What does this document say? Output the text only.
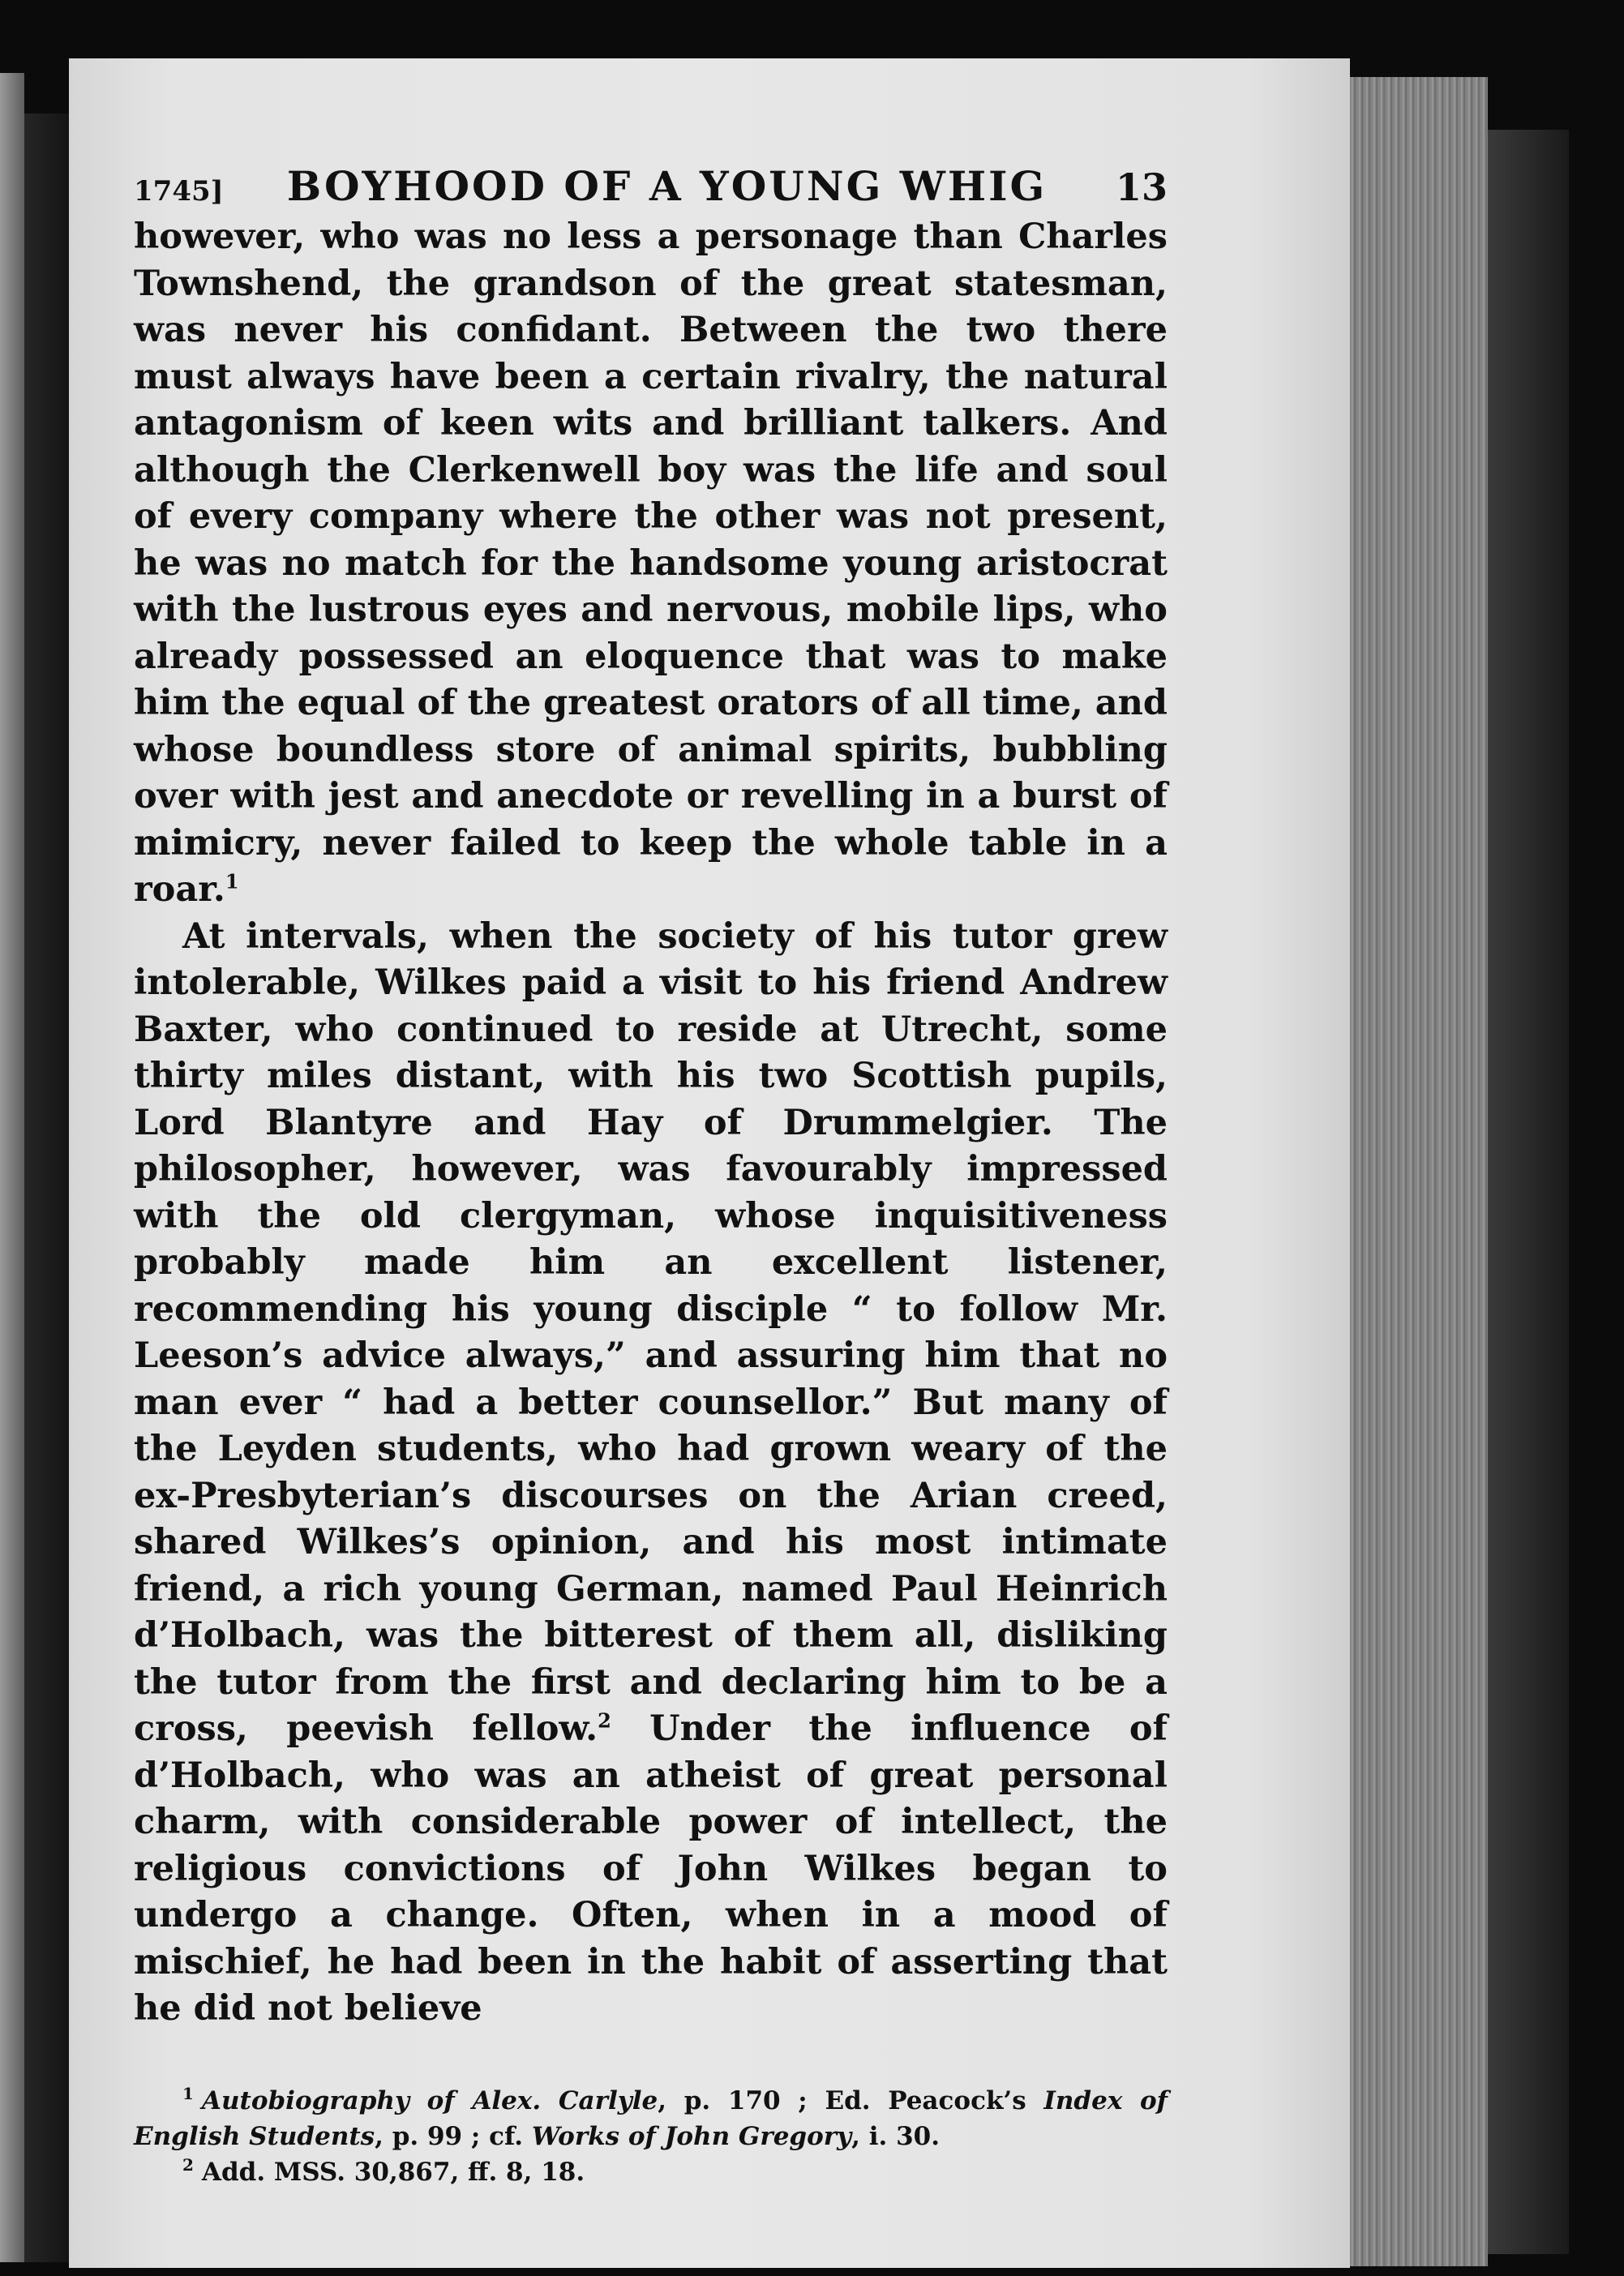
1745]	BOYHOOD OF A YOUNG WHIG	13

however, who was no less a personage than Charles Townshend, the grandson of the great statesman, was never his confidant. Between the two there must always have been a certain rivalry, the natural antagonism of keen wits and brilliant talkers. And although the Clerkenwell boy was the life and soul of every company where the other was not present, he was no match for the handsome young aristocrat with the lustrous eyes and nervous, mobile lips, who already possessed an eloquence that was to make him the equal of the greatest orators of all time, and whose boundless store of animal spirits, bubbling over with jest and anecdote or revelling in a burst of mimicry, never failed to keep the whole table in a roar.$^1$

At intervals, when the society of his tutor grew intolerable, Wilkes paid a visit to his friend Andrew Baxter, who continued to reside at Utrecht, some thirty miles distant, with his two Scottish pupils, Lord Blantyre and Hay of Drummelgier. The philosopher, however, was favourably impressed with the old clergyman, whose inquisitiveness probably made him an excellent listener, recommending his young disciple “ to follow Mr. Leeson’s advice always,” and assuring him that no man ever “ had a better counsellor.” But many of the Leyden students, who had grown weary of the ex-Presbyterian’s discourses on the Arian creed, shared Wilkes’s opinion, and his most intimate friend, a rich young German, named Paul Heinrich d’Holbach, was the bitterest of them all, disliking the tutor from the first and declaring him to be a cross, peevish fellow.$^2$ Under the influence of d’Holbach, who was an atheist of great personal charm, with considerable power of intellect, the religious convictions of John Wilkes began to undergo a change. Often, when in a mood of mischief, he had been in the habit of asserting that he did not believe

$^1$ Autobiography of Alex. Carlyle, p. 170 ; Ed. Peacock’s Index of English Students, p. 99 ; cf. Works of John Gregory, i. 30.

$^2$ Add. MSS. 30,867, ff. 8, 18.
